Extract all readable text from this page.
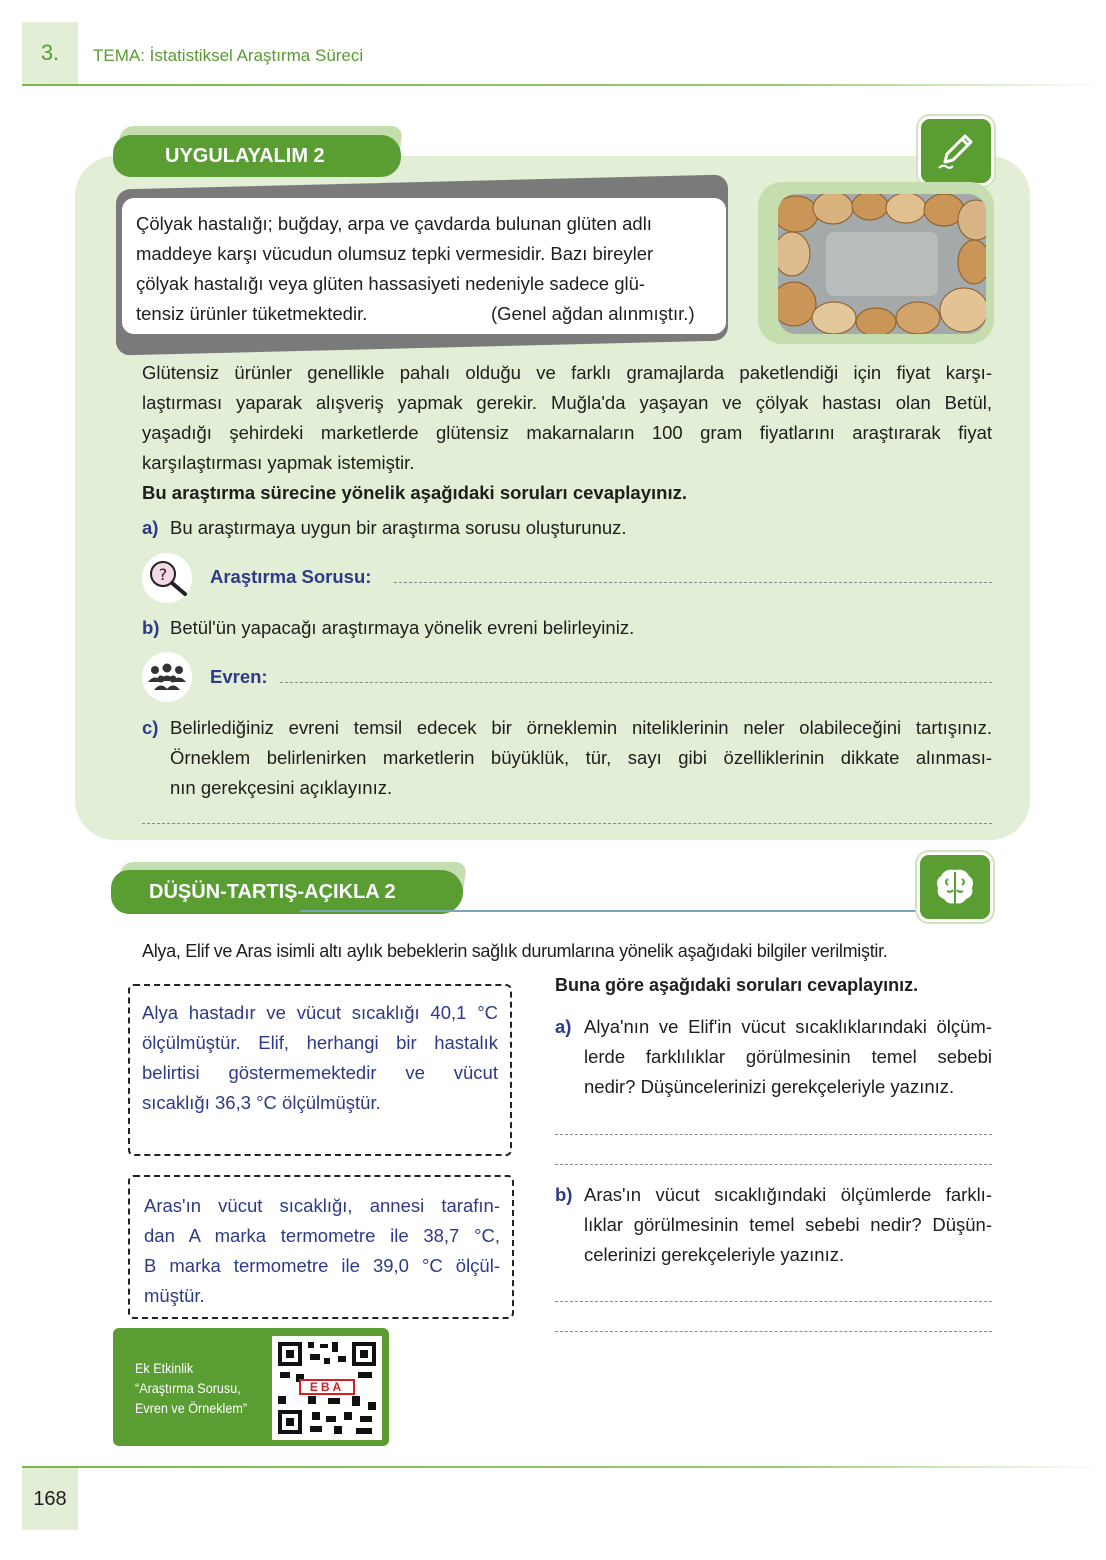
3.	TEMA: İstatistiksel Araştırma Süreci
UYGULAYALIM 2
Çölyak hastalığı; buğday, arpa ve çavdarda bulunan glüten adlı
maddeye karşı vücudun olumsuz tepki vermesidir. Bazı bireyler
çölyak hastalığı veya glüten hassasiyeti nedeniyle sadece glü-
tensiz ürünler tüketmektedir.	(Genel ağdan alınmıştır.)
Glütensiz ürünler genellikle pahalı olduğu ve farklı gramajlarda paketlendiği için fiyat karşı-
laştırması yaparak alışveriş yapmak gerekir. Muğla'da yaşayan ve çölyak hastası olan Betül,
yaşadığı şehirdeki marketlerde glütensiz makarnaların 100 gram fiyatlarını araştırarak fiyat
karşılaştırması yapmak istemiştir.
Bu araştırma sürecine yönelik aşağıdaki soruları cevaplayınız.
a) Bu araştırmaya uygun bir araştırma sorusu oluşturunuz.
? Araştırma Sorusu:
b) Betül'ün yapacağı araştırmaya yönelik evreni belirleyiniz.
Evren:
c) Belirlediğiniz evreni temsil edecek bir örneklemin niteliklerinin neler olabileceğini tartışınız.
Örneklem belirlenirken marketlerin büyüklük, tür, sayı gibi özelliklerinin dikkate alınması-
nın gerekçesini açıklayınız.
DÜŞÜN-TARTIŞ-AÇIKLA 2
Alya, Elif ve Aras isimli altı aylık bebeklerin sağlık durumlarına yönelik aşağıdaki bilgiler verilmiştir.
Alya hastadır ve vücut sıcaklığı 40,1 °C
ölçülmüştür. Elif, herhangi bir hastalık
belirtisi göstermemektedir ve vücut
sıcaklığı 36,3 °C ölçülmüştür.
Aras'ın vücut sıcaklığı, annesi tarafın-
dan A marka termometre ile 38,7 °C,
B marka termometre ile 39,0 °C ölçül-
müştür.
Buna göre aşağıdaki soruları cevaplayınız.
a) Alya'nın ve Elif'in vücut sıcaklıklarındaki ölçüm-
lerde farklılıklar görülmesinin temel sebebi
nedir? Düşüncelerinizi gerekçeleriyle yazınız.
b) Aras'ın vücut sıcaklığındaki ölçümlerde farklı-
lıklar görülmesinin temel sebebi nedir? Düşün-
celerinizi gerekçeleriyle yazınız.
Ek Etkinlik
“Araştırma Sorusu,
Evren ve Örneklem”
EBA
168
